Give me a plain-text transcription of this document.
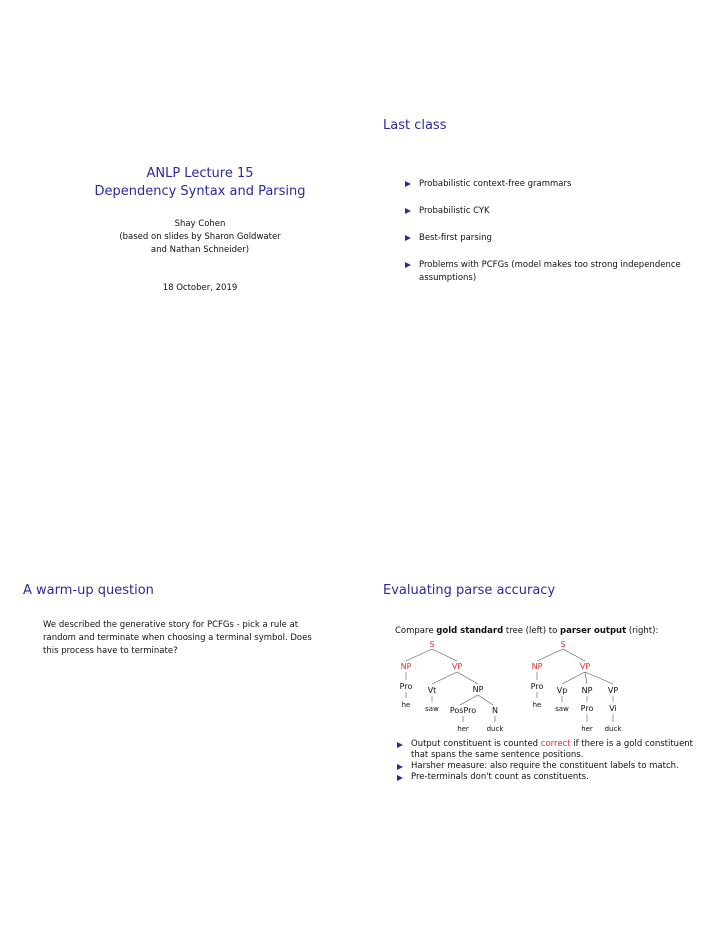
ANLP Lecture 15
Dependency Syntax and Parsing
Shay Cohen
(based on slides by Sharon Goldwater
and Nathan Schneider)
18 October, 2019
Last class
Probabilistic context-free grammars
Probabilistic CYK
Best-first parsing
Problems with PCFGs (model makes too strong independence assumptions)
A warm-up question
We described the generative story for PCFGs - pick a rule at random and terminate when choosing a terminal symbol. Does this process have to terminate?
Evaluating parse accuracy
Compare gold standard tree (left) to parser output (right):
S
NP	VP
Pro Vt	NP
he saw PosPro N
her	duck
S
NP	VP
Pro Vp NP VP
he saw Pro Vi
her duck
Output constituent is counted correct if there is a gold constituent that spans the same sentence positions.
Harsher measure: also require the constituent labels to match.
Pre-terminals don't count as constituents.
